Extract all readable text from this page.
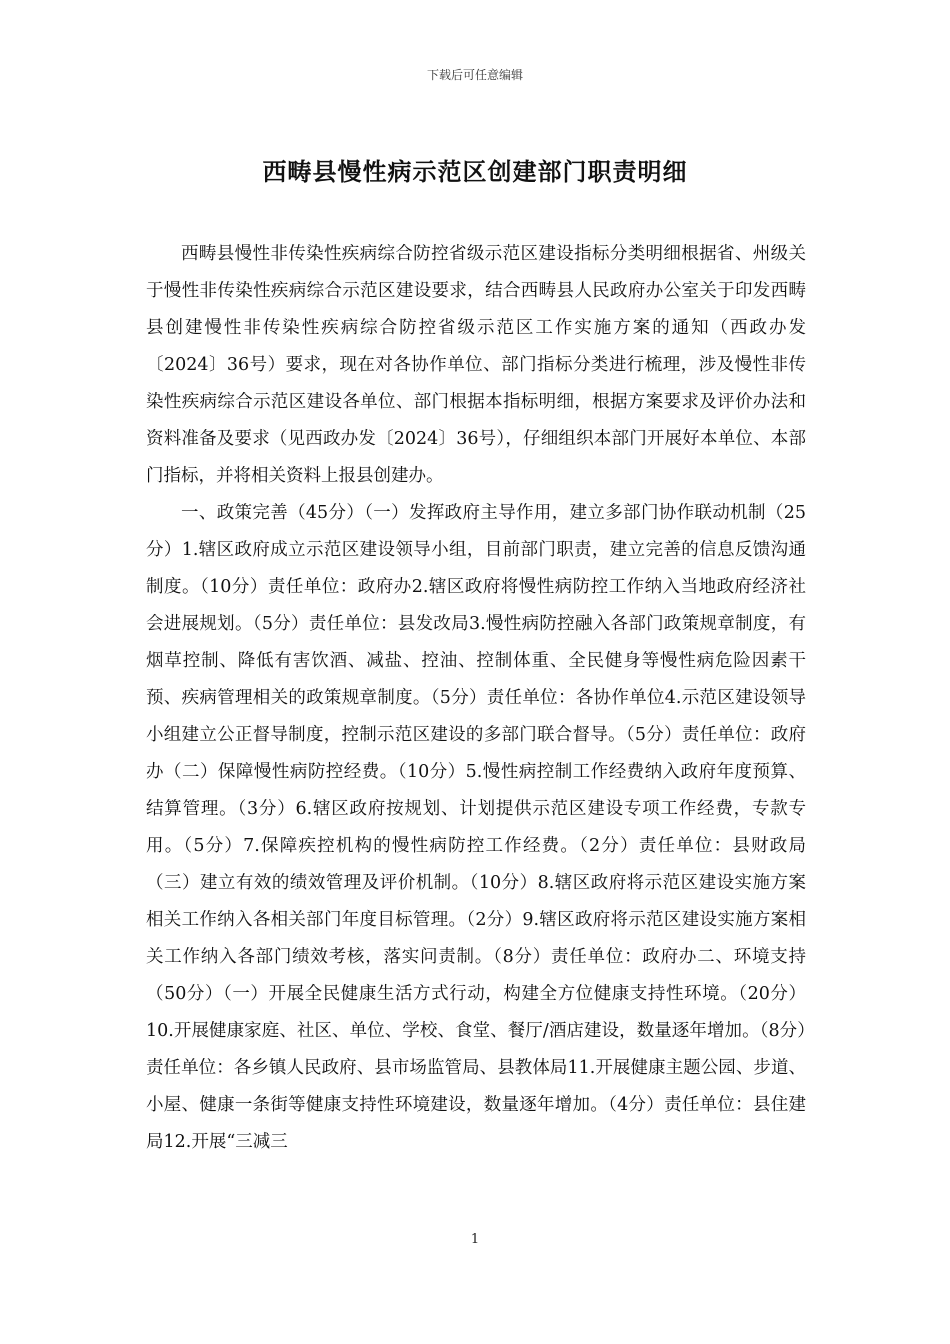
下载后可任意编辑
西畴县慢性病示范区创建部门职责明细

西畴县慢性非传染性疾病综合防控省级示范区建设指标分类明细根据省、州级关于慢性非传染性疾病综合示范区建设要求，结合西畴县人民政府办公室关于印发西畴县创建慢性非传染性疾病综合防控省级示范区工作实施方案的通知（西政办发〔2024〕36号）要求，现在对各协作单位、部门指标分类进行梳理，涉及慢性非传染性疾病综合示范区建设各单位、部门根据本指标明细，根据方案要求及评价办法和资料准备及要求（见西政办发〔2024〕36号），仔细组织本部门开展好本单位、本部门指标，并将相关资料上报县创建办。

一、政策完善（45分）（一）发挥政府主导作用，建立多部门协作联动机制（25分）1.辖区政府成立示范区建设领导小组，目前部门职责，建立完善的信息反馈沟通制度。（10分）责任单位：政府办2.辖区政府将慢性病防控工作纳入当地政府经济社会进展规划。（5分）责任单位：县发改局3.慢性病防控融入各部门政策规章制度，有烟草控制、降低有害饮酒、减盐、控油、控制体重、全民健身等慢性病危险因素干预、疾病管理相关的政策规章制度。（5分）责任单位：各协作单位4.示范区建设领导小组建立公正督导制度，控制示范区建设的多部门联合督导。（5分）责任单位：政府办（二）保障慢性病防控经费。（10分）5.慢性病控制工作经费纳入政府年度预算、结算管理。（3分）6.辖区政府按规划、计划提供示范区建设专项工作经费，专款专用。（5分）7.保障疾控机构的慢性病防控工作经费。（2分）责任单位：县财政局（三）建立有效的绩效管理及评价机制。（10分）8.辖区政府将示范区建设实施方案相关工作纳入各相关部门年度目标管理。（2分）9.辖区政府将示范区建设实施方案相关工作纳入各部门绩效考核，落实问责制。（8分）责任单位：政府办二、环境支持（50分）（一）开展全民健康生活方式行动，构建全方位健康支持性环境。（20分）10.开展健康家庭、社区、单位、学校、食堂、餐厅/酒店建设，数量逐年增加。（8分）责任单位：各乡镇人民政府、县市场监管局、县教体局11.开展健康主题公园、步道、小屋、健康一条街等健康支持性环境建设，数量逐年增加。（4分）责任单位：县住建局12.开展“三减三

1
